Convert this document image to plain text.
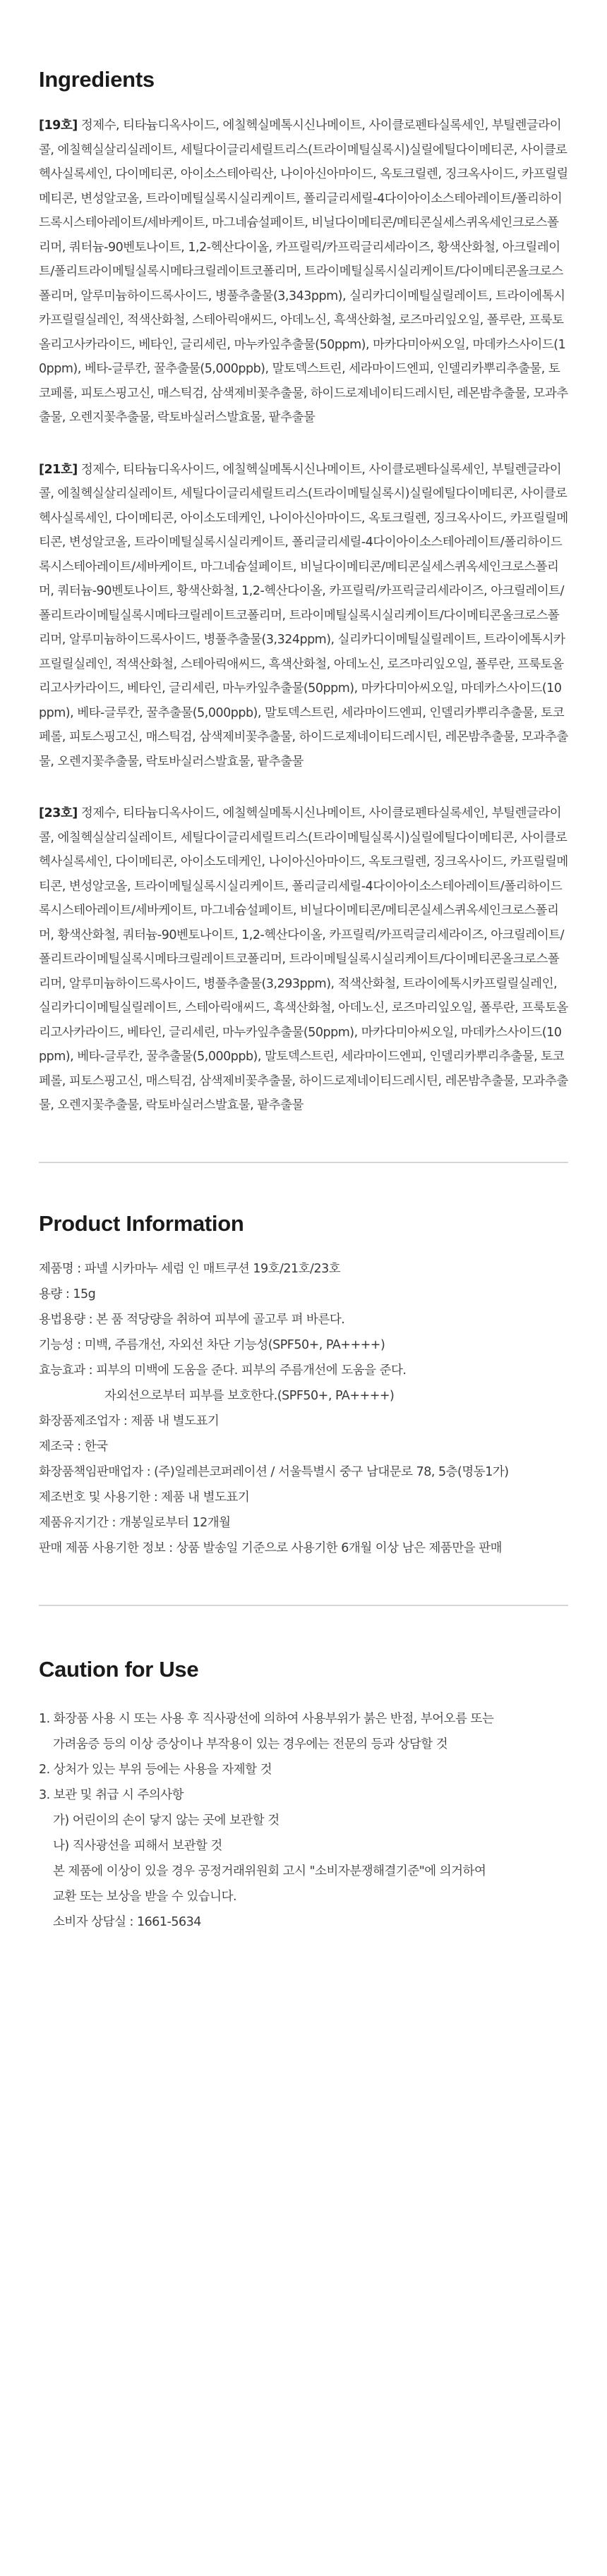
Ingredients

[19호] 정제수, 티타늄디옥사이드, 에칠헥실메톡시신나메이트, 사이클로펜타실록세인, 부틸렌글라이콜, 에칠헥실살리실레이트, 세틸다이글리세릴트리스(트라이메틸실록시)실릴에틸다이메티콘, 사이클로헥사실록세인, 다이메티콘, 아이소스테아릭산, 나이아신아마이드, 옥토크릴렌, 징크옥사이드, 카프릴릴메티콘, 변성알코올, 트라이메틸실록시실리케이트, 폴리글리세릴-4다이아이소스테아레이트/폴리하이드록시스테아레이트/세바케이트, 마그네슘설페이트, 비닐다이메티콘/메티콘실세스퀴옥세인크로스폴리머, 쿼터늄-90벤토나이트, 1,2-헥산다이올, 카프릴릭/카프릭글리세라이즈, 황색산화철, 아크릴레이트/폴리트라이메틸실록시메타크릴레이트코폴리머, 트라이메틸실록시실리케이트/다이메티콘올크로스폴리머, 알루미늄하이드록사이드, 병풀추출물(3,343ppm), 실리카디이메틸실릴레이트, 트라이에톡시카프릴릴실레인, 적색산화철, 스테아릭애씨드, 아데노신, 흑색산화철, 로즈마리잎오일, 폴루란, 프룩토올리고사카라이드, 베타인, 글리세린, 마누카잎추출물(50ppm), 마카다미아씨오일, 마데카스사이드(10ppm), 베타-글루칸, 꿀추출물(5,000ppb), 말토덱스트린, 세라마이드엔피, 인델리카뿌리추출물, 토코페롤, 피토스핑고신, 매스틱검, 삼색제비꽃추출물, 하이드로제네이티드레시틴, 레몬밤추출물, 모과추출물, 오렌지꽃추출물, 락토바실러스발효물, 팥추출물

[21호] 정제수, 티타늄디옥사이드, 에칠헥실메톡시신나메이트, 사이클로펜타실록세인, 부틸렌글라이콜, 에칠헥실살리실레이트, 세틸다이글리세릴트리스(트라이메틸실록시)실릴에틸다이메티콘, 사이클로헥사실록세인, 다이메티콘, 아이소도데케인, 나이아신아마이드, 옥토크릴렌, 징크옥사이드, 카프릴릴메티콘, 변성알코올, 트라이메틸실록시실리케이트, 폴리글리세릴-4다이아이소스테아레이트/폴리하이드록시스테아레이트/세바케이트, 마그네슘설페이트, 비닐다이메티콘/메티콘실세스퀴옥세인크로스폴리머, 쿼터늄-90벤토나이트, 황색산화철, 1,2-헥산다이올, 카프릴릭/카프릭글리세라이즈, 아크릴레이트/폴리트라이메틸실록시메타크릴레이트코폴리머, 트라이메틸실록시실리케이트/다이메티콘올크로스폴리머, 알루미늄하이드록사이드, 병풀추출물(3,324ppm), 실리카디이메틸실릴레이트, 트라이에톡시카프릴릴실레인, 적색산화철, 스테아릭애씨드, 흑색산화철, 아데노신, 로즈마리잎오일, 폴루란, 프룩토올리고사카라이드, 베타인, 글리세린, 마누카잎추출물(50ppm), 마카다미아씨오일, 마데카스사이드(10ppm), 베타-글루칸, 꿀추출물(5,000ppb), 말토덱스트린, 세라마이드엔피, 인델리카뿌리추출물, 토코페롤, 피토스핑고신, 매스틱검, 삼색제비꽃추출물, 하이드로제네이티드레시틴, 레몬밤추출물, 모과추출물, 오렌지꽃추출물, 락토바실러스발효물, 팥추출물

[23호] 정제수, 티타늄디옥사이드, 에칠헥실메톡시신나메이트, 사이클로펜타실록세인, 부틸렌글라이콜, 에칠헥실살리실레이트, 세틸다이글리세릴트리스(트라이메틸실록시)실릴에틸다이메티콘, 사이클로헥사실록세인, 다이메티콘, 아이소도데케인, 나이아신아마이드, 옥토크릴렌, 징크옥사이드, 카프릴릴메티콘, 변성알코올, 트라이메틸실록시실리케이트, 폴리글리세릴-4다이아이소스테아레이트/폴리하이드록시스테아레이트/세바케이트, 마그네슘설페이트, 비닐다이메티콘/메티콘실세스퀴옥세인크로스폴리머, 황색산화철, 쿼터늄-90벤토나이트, 1,2-헥산다이올, 카프릴릭/카프릭글리세라이즈, 아크릴레이트/폴리트라이메틸실록시메타크릴레이트코폴리머, 트라이메틸실록시실리케이트/다이메티콘올크로스폴리머, 알루미늄하이드록사이드, 병풀추출물(3,293ppm), 적색산화철, 트라이에톡시카프릴릴실레인, 실리카디이메틸실릴레이트, 스테아릭애씨드, 흑색산화철, 아데노신, 로즈마리잎오일, 폴루란, 프룩토올리고사카라이드, 베타인, 글리세린, 마누카잎추출물(50ppm), 마카다미아씨오일, 마데카스사이드(10ppm), 베타-글루칸, 꿀추출물(5,000ppb), 말토덱스트린, 세라마이드엔피, 인델리카뿌리추출물, 토코페롤, 피토스핑고신, 매스틱검, 삼색제비꽃추출물, 하이드로제네이티드레시틴, 레몬밤추출물, 모과추출물, 오렌지꽃추출물, 락토바실러스발효물, 팥추출물

Product Information
제품명 : 파넬 시카마누 세럼 인 매트쿠션 19호/21호/23호
용량 : 15g
용법용량 : 본 품 적당량을 취하여 피부에 골고루 펴 바른다.
기능성 : 미백, 주름개선, 자외선 차단 기능성(SPF50+, PA++++)
효능효과 : 피부의 미백에 도움을 준다. 피부의 주름개선에 도움을 준다.
자외선으로부터 피부를 보호한다.(SPF50+, PA++++)
화장품제조업자 : 제품 내 별도표기
제조국 : 한국
화장품책임판매업자 : (주)일레븐코퍼레이션 / 서울특별시 중구 남대문로 78, 5층(명동1가)
제조번호 및 사용기한 : 제품 내 별도표기
제품유지기간 : 개봉일로부터 12개월
판매 제품 사용기한 정보 : 상품 발송일 기준으로 사용기한 6개월 이상 남은 제품만을 판매
Caution for Use
1. 화장품 사용 시 또는 사용 후 직사광선에 의하여 사용부위가 붉은 반점, 부어오름 또는
가려움증 등의 이상 증상이나 부작용이 있는 경우에는 전문의 등과 상담할 것
2. 상처가 있는 부위 등에는 사용을 자제할 것
3. 보관 및 취급 시 주의사항
가) 어린이의 손이 닿지 않는 곳에 보관할 것
나) 직사광선을 피해서 보관할 것
본 제품에 이상이 있을 경우 공정거래위원회 고시 "소비자분쟁해결기준"에 의거하여
교환 또는 보상을 받을 수 있습니다.
소비자 상담실 : 1661-5634
